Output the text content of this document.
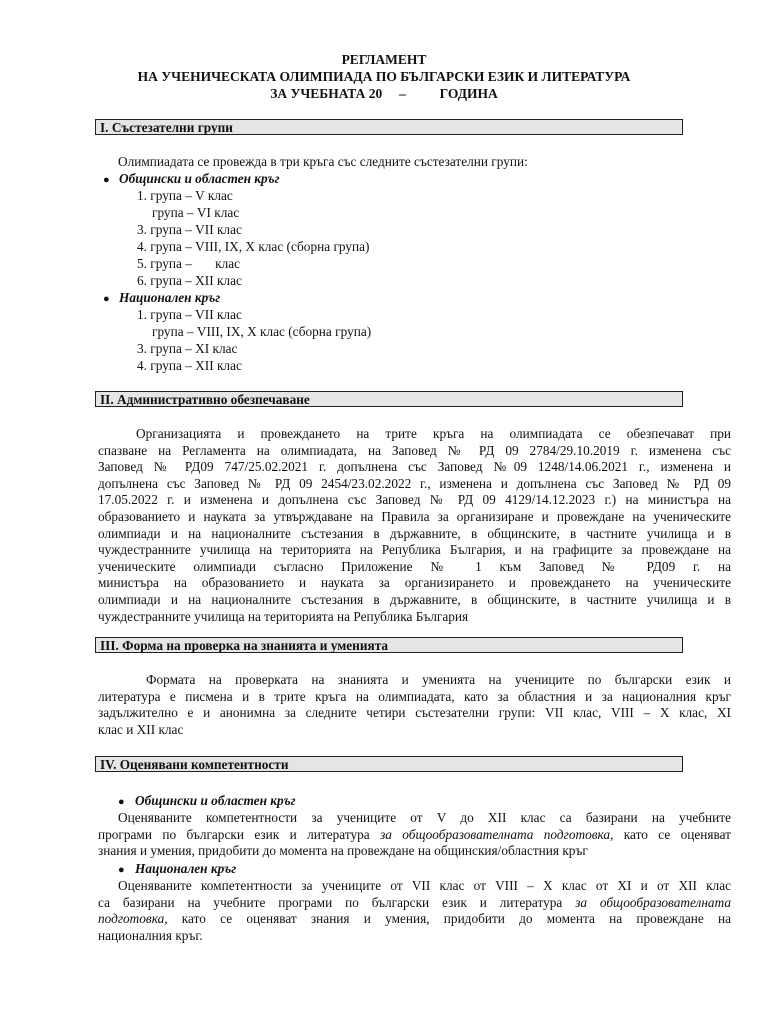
РЕГЛАМЕНТ
НА УЧЕНИЧЕСКАТА ОЛИМПИАДА ПО БЪЛГАРСКИ ЕЗИК И ЛИТЕРАТУРА
ЗА УЧЕБНАТА 20     –          ГОДИНА
I. Състезателни групи
Олимпиадата се провежда в три кръга със следните състезателни групи:
● Общински и областен кръг
1. група – V клас
група – VI клас
3. група – VII клас
4. група – VIII, IX, X клас (сборна група)
5. група –       клас
6. група – XII клас
● Национален кръг
1. група – VII клас
група – VIII, IX, X клас (сборна група)
3. група – XI клас
4. група – XII клас
II. Административно обезпечаване
Организацията и провеждането на трите кръга на олимпиадата се обезпечават при
спазване на Регламента на олимпиадата, на Заповед № РД 09 2784/29.10.2019 г. изменена със
Заповед № РД09 747/25.02.2021 г. допълнена със Заповед №09 1248/14.06.2021 г., изменена и
допълнена със Заповед № РД 09 2454/23.02.2022 г., изменена и допълнена със Заповед № РД 09
17.05.2022 г. и изменена и допълнена със Заповед № РД 09 4129/14.12.2023 г.) на министъра на
образованието и науката за утвърждаване на Правила за организиране и провеждане на ученическите
олимпиади и на националните състезания в държавните, в общинските, в частните училища и в
чуждестранните училища на територията на Република България, и на графиците за провеждане на
ученическите олимпиади съгласно Приложение № 1 към Заповед № РД09 г. на
министъра на образованието и науката за организирането и провеждането на ученическите
олимпиади и на националните състезания в държавните, в общинските, в частните училища и в
чуждестранните училища на територията на Република България
III. Форма на проверка на знанията и уменията
Формата на проверката на знанията и уменията на учениците по български език и
литература е писмена и в трите кръга на олимпиадата, като за областния и за националния кръг
задължително е и анонимна за следните четири състезателни групи: VII клас, VIII – X клас, XI
клас и XII клас
IV. Оценявани компетентности
● Общински и областен кръг
Оценяваните компетентности за учениците от V до XII клас са базирани на учебните
програми по български език и литература за общообразователната подготовка, като се оценяват
знания и умения, придобити до момента на провеждане на общинския/областния кръг
● Национален кръг
Оценяваните компетентности за учениците от VII клас от VIII – X клас от XI и от XII клас
са базирани на учебните програми по български език и литература за общообразователната
подготовка, като се оценяват знания и умения, придобити до момента на провеждане на
националния кръг.
